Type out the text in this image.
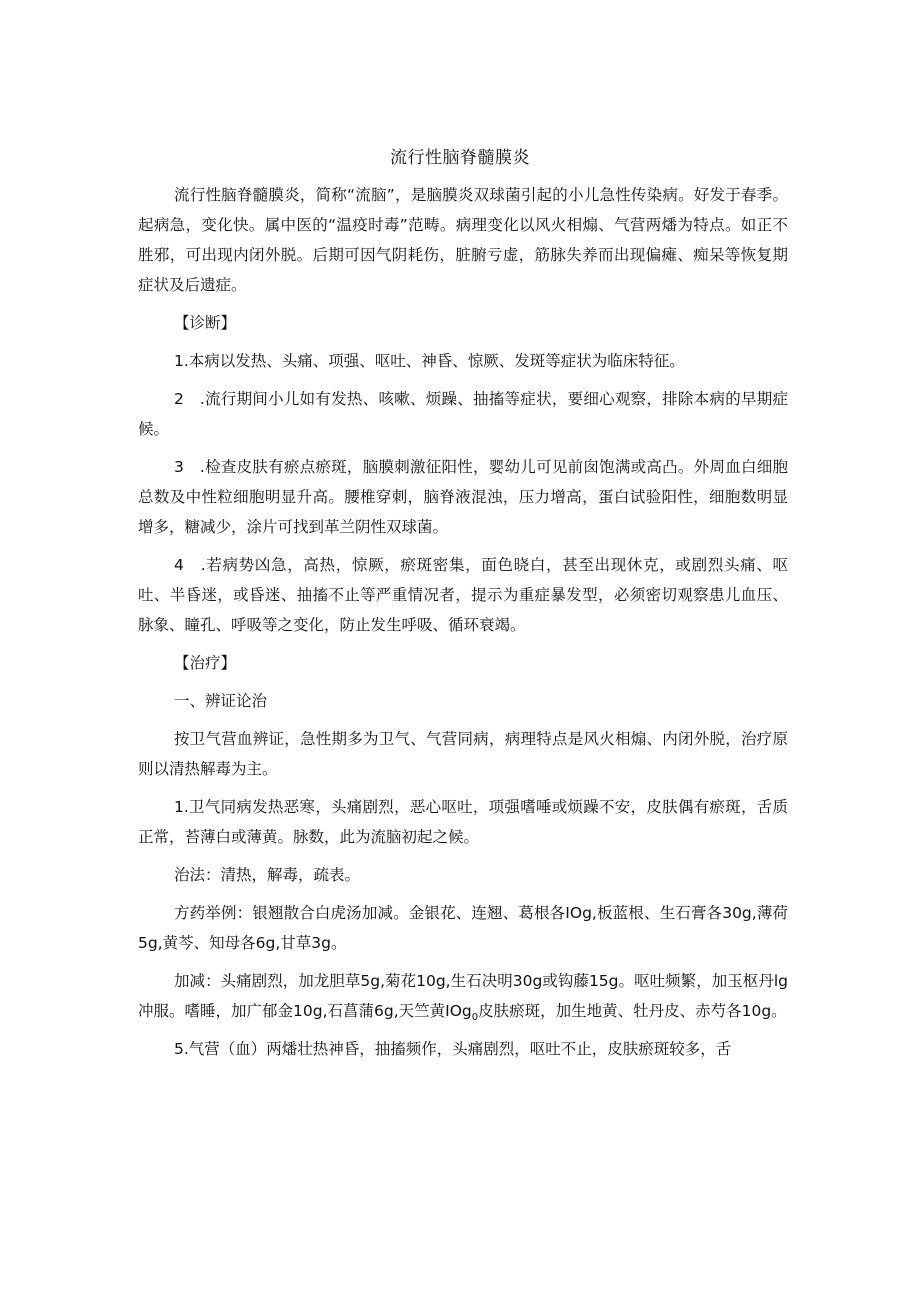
流行性脑脊髓膜炎

流行性脑脊髓膜炎，简称“流脑”，是脑膜炎双球菌引起的小儿急性传染病。好发于春季。起病急，变化快。属中医的“温疫时毒”范畴。病理变化以风火相煽、气营两燔为特点。如正不胜邪，可出现内闭外脱。后期可因气阴耗伤，脏腑亏虚，筋脉失养而出现偏瘫、痴呆等恢复期症状及后遗症。

【诊断】

1.本病以发热、头痛、项强、呕吐、神昏、惊厥、发斑等症状为临床特征。

2　.流行期间小儿如有发热、咳嗽、烦躁、抽搐等症状，要细心观察，排除本病的早期症候。

3　.检查皮肤有瘀点瘀斑，脑膜刺激征阳性，婴幼儿可见前囱饱满或高凸。外周血白细胞总数及中性粒细胞明显升高。腰椎穿刺，脑脊液混浊，压力增高，蛋白试验阳性，细胞数明显增多，糖减少，涂片可找到革兰阴性双球菌。

4　.若病势凶急，高热，惊厥，瘀斑密集，面色晓白，甚至出现休克，或剧烈头痛、呕吐、半昏迷，或昏迷、抽搐不止等严重情况者，提示为重症暴发型，必须密切观察患儿血压、脉象、瞳孔、呼吸等之变化，防止发生呼吸、循环衰竭。

【治疗】

一、辨证论治

按卫气营血辨证，急性期多为卫气、气营同病，病理特点是风火相煽、内闭外脱，治疗原则以清热解毒为主。

1.卫气同病发热恶寒，头痛剧烈，恶心呕吐，项强嗜唾或烦躁不安，皮肤偶有瘀斑，舌质正常，苔薄白或薄黄。脉数，此为流脑初起之候。

治法：清热，解毒，疏表。

方药举例：银翘散合白虎汤加减。金银花、连翘、葛根各IOg,板蓝根、生石膏各30g,薄荷5g,黄芩、知母各6g,甘草3g。

加减：头痛剧烈，加龙胆草5g,菊花10g,生石决明30g或钩藤15g。呕吐频繁，加玉枢丹lg冲服。嗜睡，加广郁金10g,石菖蒲6g,天竺黄IOg$_0$皮肤瘀斑，加生地黄、牡丹皮、赤芍各10g。

5.气营（血）两燔壮热神昏，抽搐频作，头痛剧烈，呕吐不止，皮肤瘀斑较多，舌
